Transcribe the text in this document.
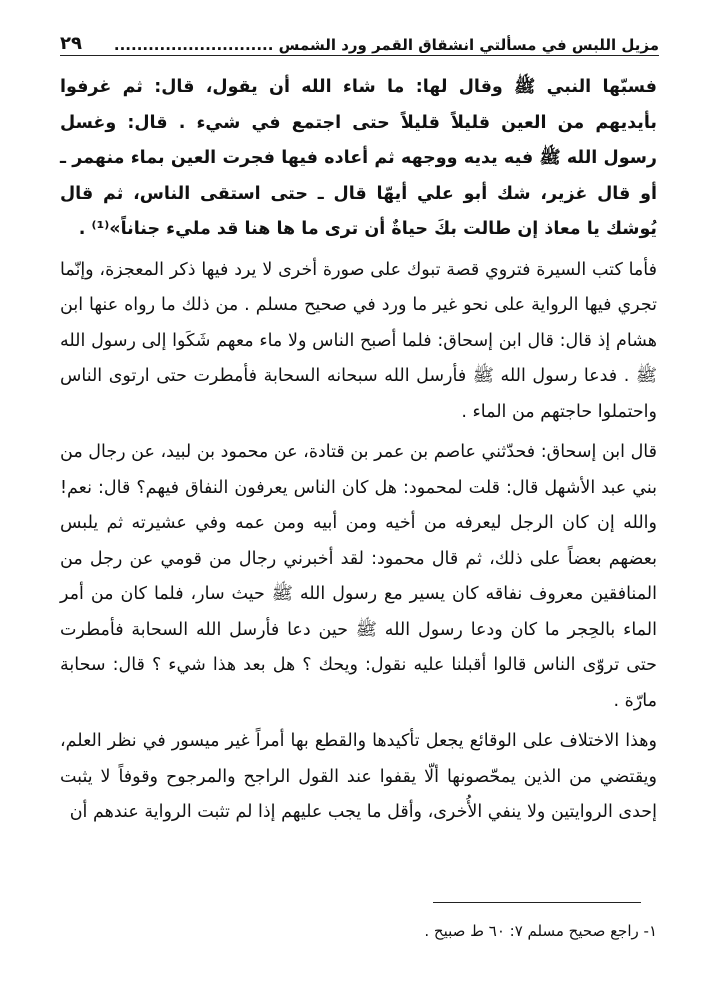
مزيل اللبس في مسألتي انشقاق القمر ورد الشمس ............................
٢٩

فسبّها النبي ﷺ وقال لها: ما شاء الله أن يقول، قال: ثم غرفوا بأيديهم من العين قليلاً قليلاً حتى اجتمع في شيء . قال: وغسل رسول الله ﷺ فيه يديه ووجهه ثم أعاده فيها فجرت العين بماء منهمر ـ أو قال غزير، شك أبو علي أيهّا قال ـ حتى استقى الناس، ثم قال يُوشك يا معاذ إن طالت بكَ حياةٌ أن ترى ما ها هنا قد مليء جناناً»⁽¹⁾ .

فأما كتب السيرة فتروي قصة تبوك على صورة أخرى لا يرد فيها ذكر المعجزة، وإنّما تجري فيها الرواية على نحو غير ما ورد في صحيح مسلم . من ذلك ما رواه عنها ابن هشام إذ قال: قال ابن إسحاق: فلما أصبح الناس ولا ماء معهم شَكَوا إلى رسول الله ﷺ . فدعا رسول الله ﷺ فأرسل الله سبحانه السحابة فأمطرت حتى ارتوى الناس واحتملوا حاجتهم من الماء .

قال ابن إسحاق: فحدّثني عاصم بن عمر بن قتادة، عن محمود بن لبيد، عن رجال من بني عبد الأشهل قال: قلت لمحمود: هل كان الناس يعرفون النفاق فيهم؟ قال: نعم! والله إن كان الرجل ليعرفه من أخيه ومن أبيه ومن عمه وفي عشيرته ثم يلبس بعضهم بعضاً على ذلك، ثم قال محمود: لقد أخبرني رجال من قومي عن رجل من المنافقين معروف نفاقه كان يسير مع رسول الله ﷺ حيث سار، فلما كان من أمر الماء بالحِجر ما كان ودعا رسول الله ﷺ حين دعا فأرسل الله السحابة فأمطرت حتى تروّى الناس قالوا أقبلنا عليه نقول: ويحك ؟ هل بعد هذا شيء ؟ قال: سحابة مارّة .

وهذا الاختلاف على الوقائع يجعل تأكيدها والقطع بها أمراً غير ميسور في نظر العلم، ويقتضي من الذين يمحّصونها ألّا يقفوا عند القول الراجح والمرجوح وقوفاً لا يثبت إحدى الروايتين ولا ينفي الأُخرى، وأقل ما يجب عليهم إذا لم تثبت الرواية عندهم أن

١- راجع صحيح مسلم ٧: ٦٠ ط صبيح .
